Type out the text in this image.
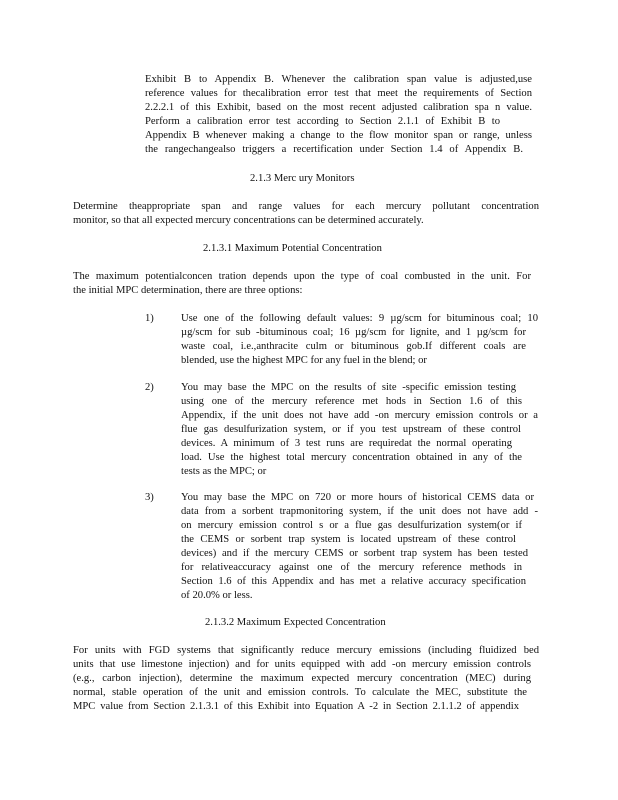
Exhibit B to Appendix B. Whenever the calibration span value is adjusted,use
reference values for thecalibration error test that meet the requirements of Section
2.2.2.1 of this Exhibit, based on the most recent adjusted calibration spa n value.
Perform a calibration error test according to Section 2.1.1 of Exhibit B to
Appendix B whenever making a change to the flow monitor span or range, unless
the rangechangealso triggers a recertification under Section 1.4 of Appendix B.
2.1.3 Merc ury Monitors
Determine theappropriate span and range values for each mercury pollutant concentration
monitor, so that all expected mercury concentrations can be determined accurately.
2.1.3.1 Maximum Potential Concentration
The maximum potentialconcen tration depends upon the type of coal combusted in the unit. For
the initial MPC determination, there are three options:
1)	Use one of the following default values: 9 µg/scm for bituminous coal; 10
µg/scm for sub -bituminous coal; 16 µg/scm for lignite, and 1 µg/scm for
waste coal, i.e.,anthracite culm or bituminous gob.If different coals are
blended, use the highest MPC for any fuel in the blend; or
2)	You may base the MPC on the results of site -specific emission testing
using one of the mercury reference met hods in Section 1.6 of this
Appendix, if the unit does not have add -on mercury emission controls or a
flue gas desulfurization system, or if you test upstream of these control
devices. A minimum of 3 test runs are requiredat the normal operating
load. Use the highest total mercury concentration obtained in any of the
tests as the MPC; or
3)	You may base the MPC on 720 or more hours of historical CEMS data or
data from a sorbent trapmonitoring system, if the unit does not have add -
on mercury emission control s or a flue gas desulfurization system(or if
the CEMS or sorbent trap system is located upstream of these control
devices) and if the mercury CEMS or sorbent trap system has been tested
for relativeaccuracy against one of the mercury reference methods in
Section 1.6 of this Appendix and has met a relative accuracy specification
of 20.0% or less.
2.1.3.2 Maximum Expected Concentration
For units with FGD systems that significantly reduce mercury emissions (including fluidized bed
units that use limestone injection) and for units equipped with add -on mercury emission controls
(e.g., carbon injection), determine the maximum expected mercury concentration (MEC) during
normal, stable operation of the unit and emission controls. To calculate the MEC, substitute the
MPC value from Section 2.1.3.1 of this Exhibit into Equation A -2 in Section 2.1.1.2 of appendix
